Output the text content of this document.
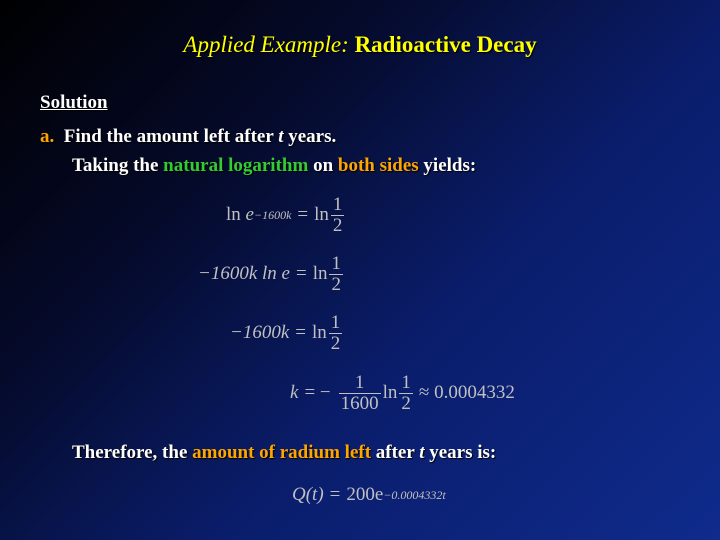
Applied Example: Radioactive Decay
Solution
a. Find the amount left after t years.
Taking the natural logarithm on both sides yields:
ln
$e -1600k = \ln \frac{1}{2}$
−1600k $\ln e = \ln \frac{1}{2}$
$-1600k = \ln \frac{1}{2}$
k = − $\frac{1}{1600}$ $\ln \frac{1}{2} \approx 0.0004332$
Therefore, the amount of radium left after t years is:
Q(t) = 200e −0.0004332t
